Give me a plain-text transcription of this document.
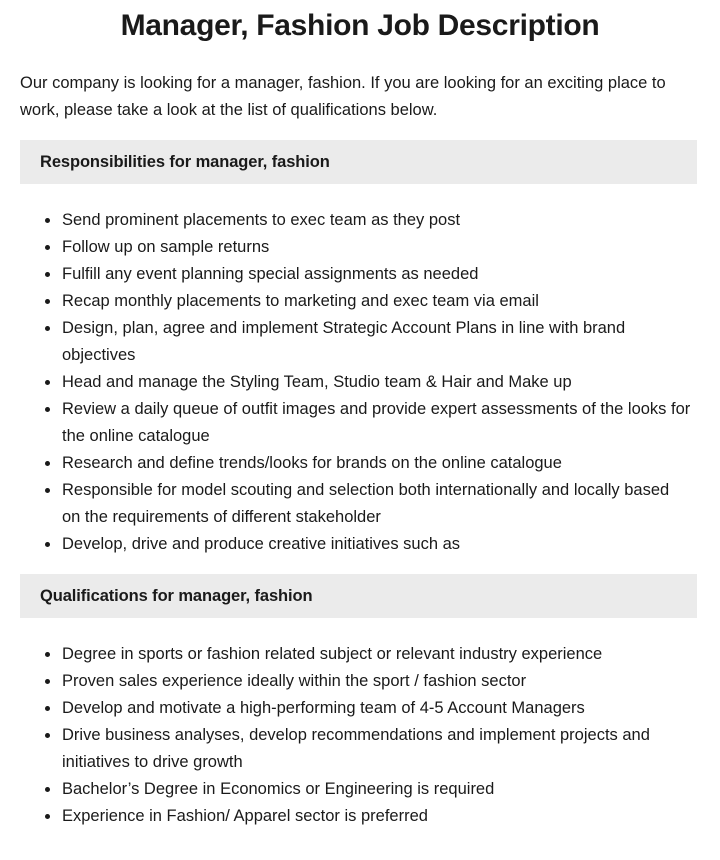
Manager, Fashion Job Description

Our company is looking for a manager, fashion. If you are looking for an exciting place to work, please take a look at the list of qualifications below.

Responsibilities for manager, fashion
Send prominent placements to exec team as they post
Follow up on sample returns
Fulfill any event planning special assignments as needed
Recap monthly placements to marketing and exec team via email
Design, plan, agree and implement Strategic Account Plans in line with brand objectives
Head and manage the Styling Team, Studio team & Hair and Make up
Review a daily queue of outfit images and provide expert assessments of the looks for the online catalogue
Research and define trends/looks for brands on the online catalogue
Responsible for model scouting and selection both internationally and locally based on the requirements of different stakeholder
Develop, drive and produce creative initiatives such as
Qualifications for manager, fashion
Degree in sports or fashion related subject or relevant industry experience
Proven sales experience ideally within the sport / fashion sector
Develop and motivate a high-performing team of 4-5 Account Managers
Drive business analyses, develop recommendations and implement projects and initiatives to drive growth
Bachelor’s Degree in Economics or Engineering is required
Experience in Fashion/ Apparel sector is preferred
